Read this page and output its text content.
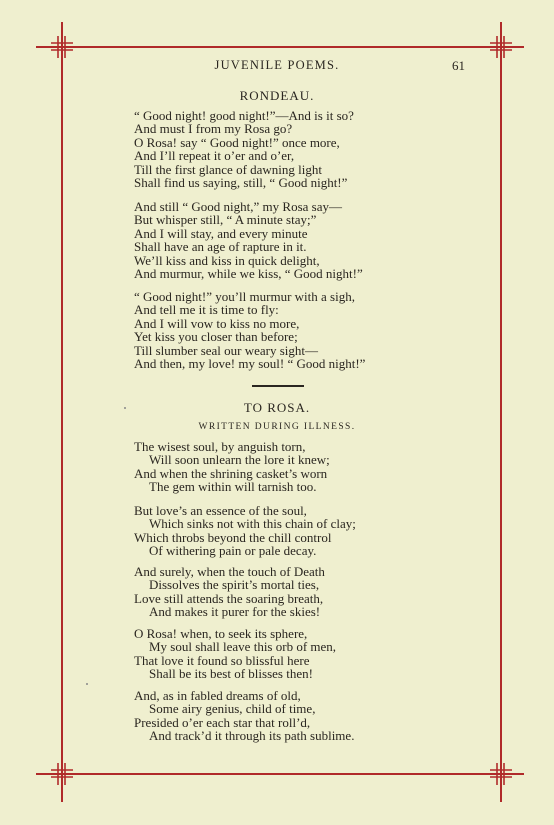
JUVENILE POEMS.	61
RONDEAU.
“ Good night! good night!”—And is it so?
And must I from my Rosa go?
O Rosa! say “ Good night!” once more,
And I’ll repeat it o’er and o’er,
Till the first glance of dawning light
Shall find us saying, still, “ Good night!”
And still “ Good night,” my Rosa say—
But whisper still, “ A minute stay;”
And I will stay, and every minute
Shall have an age of rapture in it.
We’ll kiss and kiss in quick delight,
And murmur, while we kiss, “ Good night!”
“ Good night!” you’ll murmur with a sigh,
And tell me it is time to fly:
And I will vow to kiss no more,
Yet kiss you closer than before;
Till slumber seal our weary sight—
And then, my love! my soul! “ Good night!”
TO ROSA.
WRITTEN DURING ILLNESS.
The wisest soul, by anguish torn,
Will soon unlearn the lore it knew;
And when the shrining casket’s worn
The gem within will tarnish too.
But love’s an essence of the soul,
Which sinks not with this chain of clay;
Which throbs beyond the chill control
Of withering pain or pale decay.
And surely, when the touch of Death
Dissolves the spirit’s mortal ties,
Love still attends the soaring breath,
And makes it purer for the skies!
O Rosa! when, to seek its sphere,
My soul shall leave this orb of men,
That love it found so blissful here
Shall be its best of blisses then!
And, as in fabled dreams of old,
Some airy genius, child of time,
Presided o’er each star that roll’d,
And track’d it through its path sublime.
